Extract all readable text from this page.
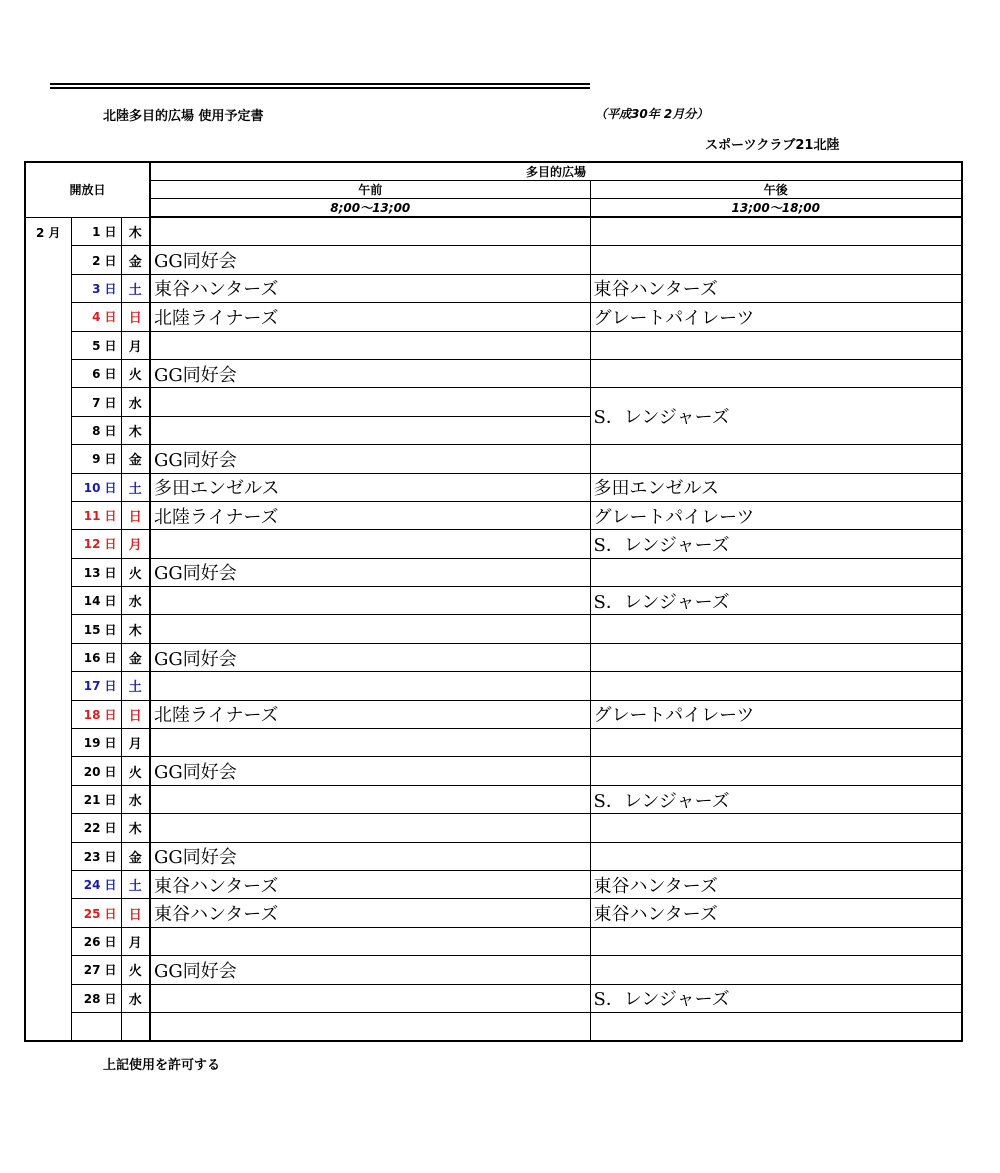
北陸多目的広場 使用予定書	（平成30年 2月分）
スポーツクラブ21北陸
開放日			多目的広場	
			午前	午後
			8;00～13;00	13;00～18;00
2 月	1 日	木		
	2 日	金	GG同好会	
	3 日	土	東谷ハンターズ	東谷ハンターズ
	4 日	日	北陸ライナーズ	グレートパイレーツ
	5 日	月		
	6 日	火	GG同好会	
	7 日	水		S．レンジャーズ
	8 日	木		
	9 日	金	GG同好会	
	10 日	土	多田エンゼルス	多田エンゼルス
	11 日	日	北陸ライナーズ	グレートパイレーツ
	12 日	月		S．レンジャーズ
	13 日	火	GG同好会	
	14 日	水		S．レンジャーズ
	15 日	木		
	16 日	金	GG同好会	
	17 日	土		
	18 日	日	北陸ライナーズ	グレートパイレーツ
	19 日	月		
	20 日	火	GG同好会	
	21 日	水		S．レンジャーズ
	22 日	木		
	23 日	金	GG同好会	
	24 日	土	東谷ハンターズ	東谷ハンターズ
	25 日	日	東谷ハンターズ	東谷ハンターズ
	26 日	月		
	27 日	火	GG同好会	
	28 日	水		S．レンジャーズ

上記使用を許可する
